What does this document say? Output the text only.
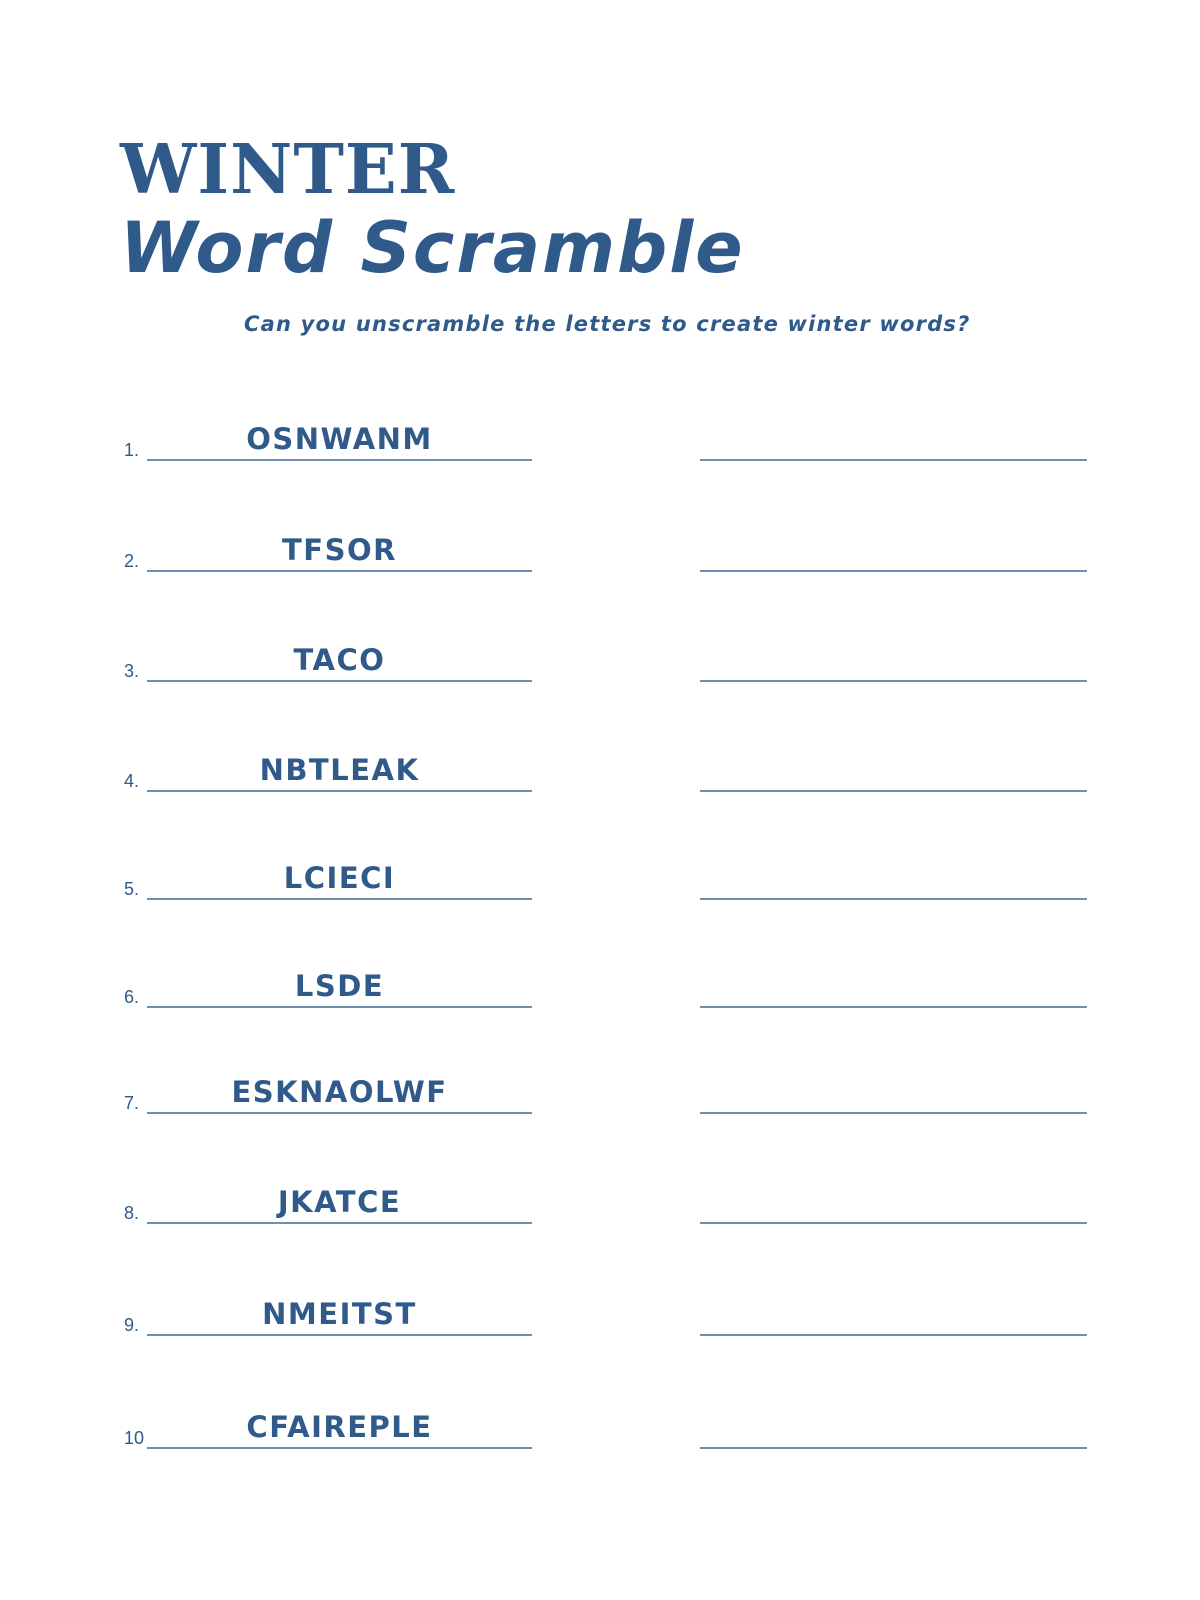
WINTER
Word Scramble
Can you unscramble the letters to create winter words?
1.	OSNWANM
2.	TFSOR
3.	TACO
4.	NBTLEAK
5.	LCIECI
6.	LSDE
7.	ESKNAOLWF
8.	JKATCE
9.	NMEITST
10	CFAIREPLE
